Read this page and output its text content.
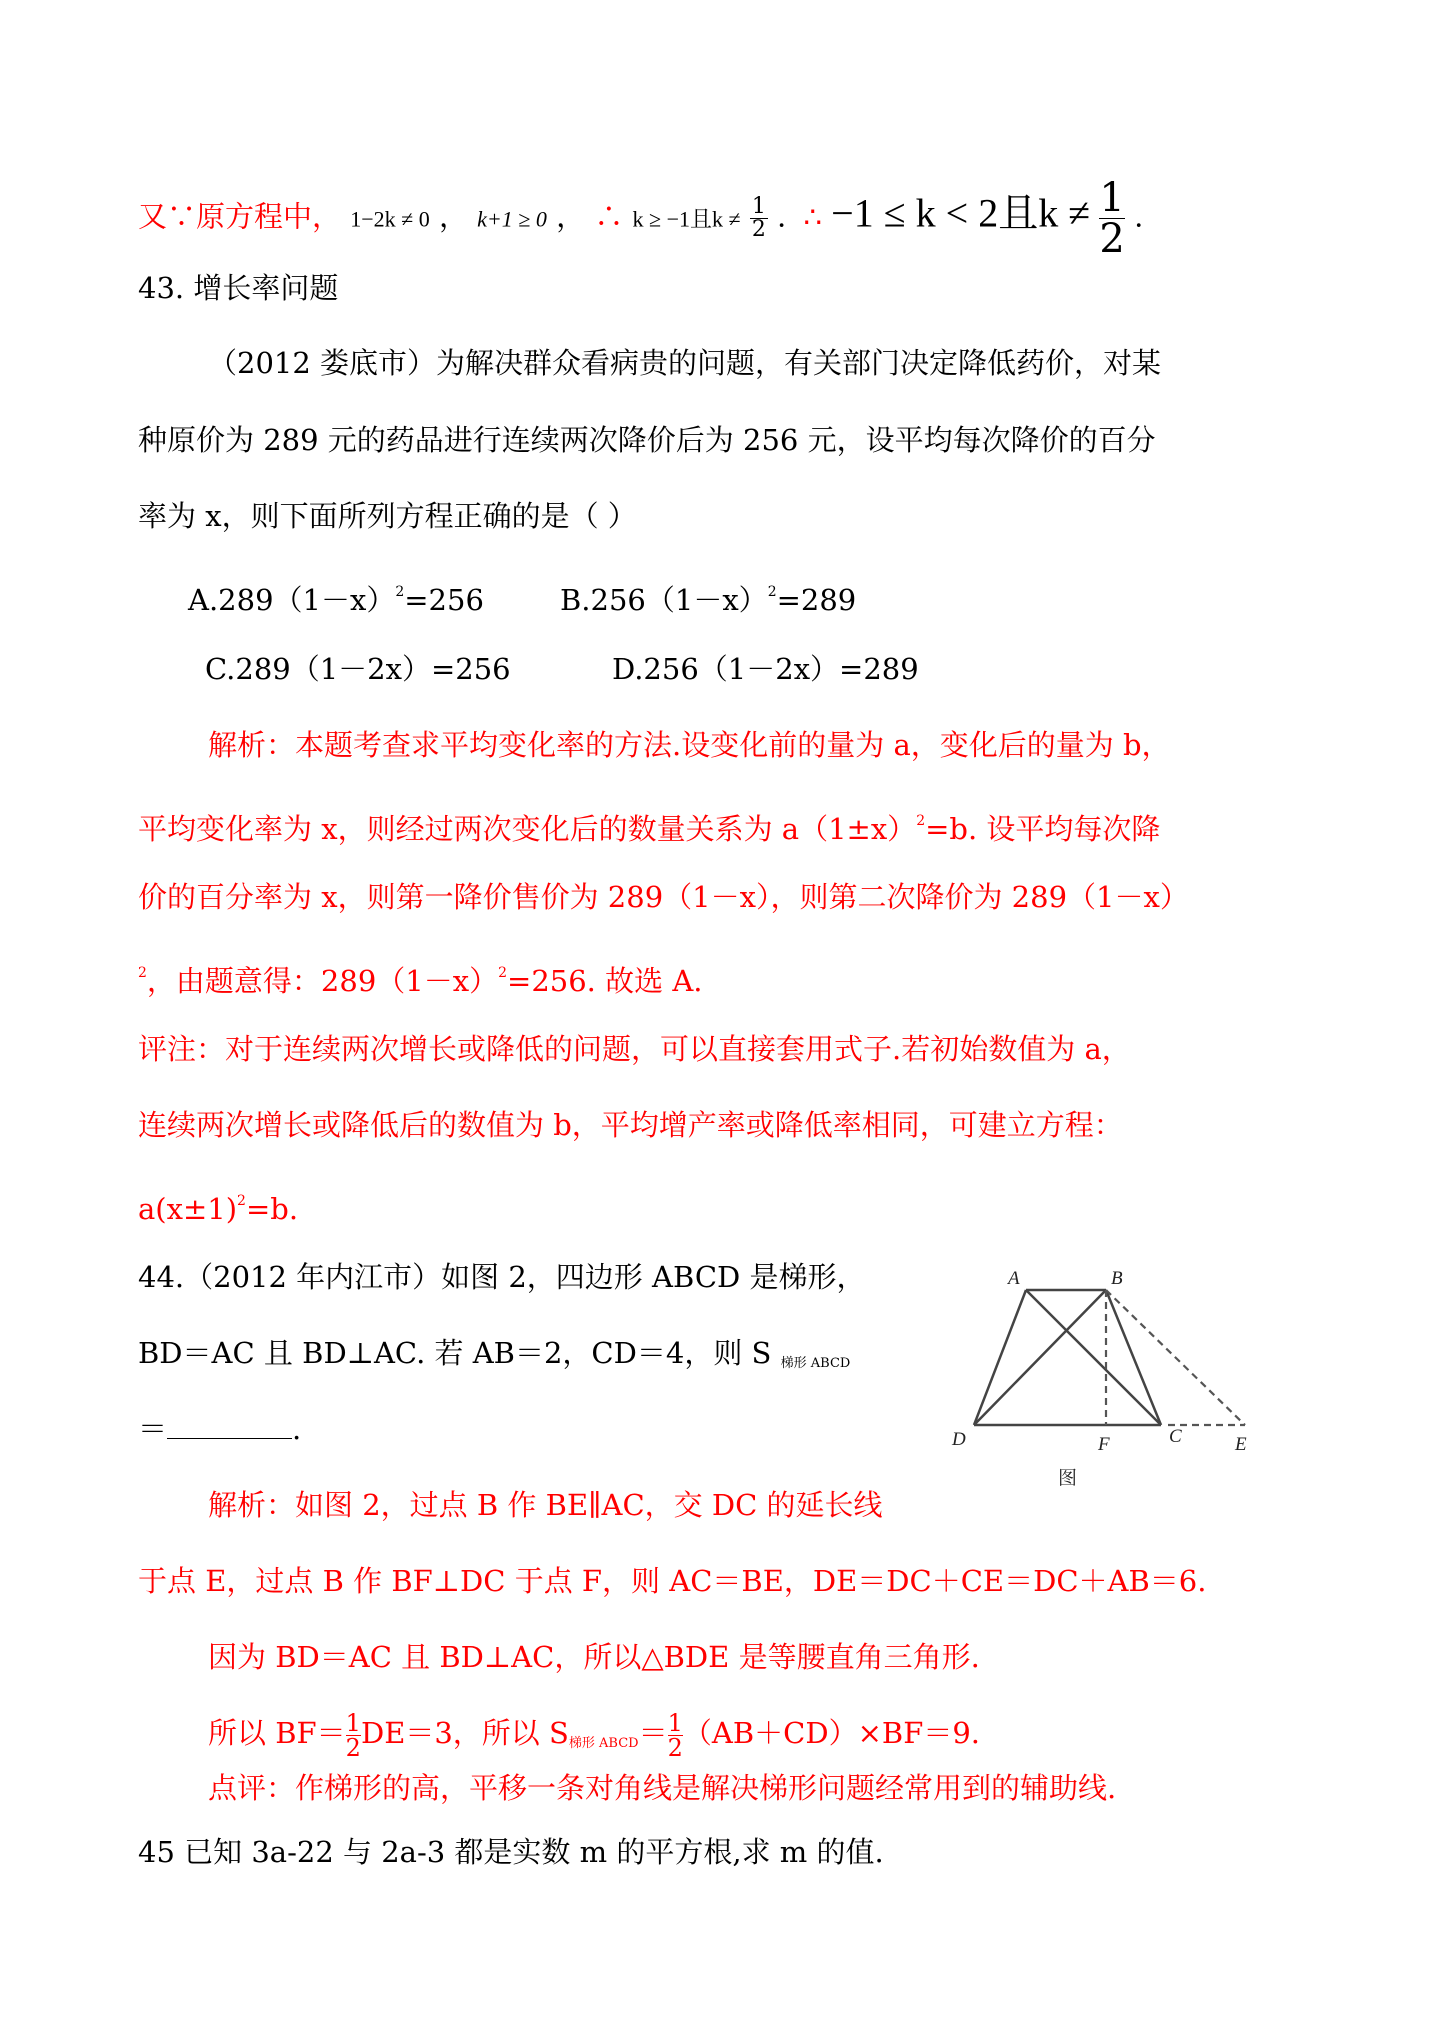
又∵原方程中， 1−2k ≠ 0 ， k+1 ≥ 0 ， ∴ k ≥ −1且$k \ne \frac{1}{2}$ . ∴ −1 ≤ k < 2且$k \ne \frac{1}{2}$ .
43. 增长率问题
（2012 娄底市）为解决群众看病贵的问题，有关部门决定降低药价，对某
种原价为 289 元的药品进行连续两次降价后为 256 元，设平均每次降价的百分
率为 x，则下面所列方程正确的是（ ）
$A.289(1-x)^2=256$	$B.256(1-x)^2=289$
C.289（1－2x）=256	D.256（1－2x）=289
解析：本题考查求平均变化率的方法.设变化前的量为 a，变化后的量为 b，
平均变化率为 x，则经过两次变化后的数量关系为 $a(1\pm x)^2=b$. 设平均每次降
价的百分率为 x，则第一降价售价为 289（1－x），则第二次降价为 289（1－x）
$^2$，由题意得：$289(1-x)^2=256$. 故选 A.
评注：对于连续两次增长或降低的问题，可以直接套用式子.若初始数值为 a，
连续两次增长或降低后的数值为 b，平均增产率或降低率相同，可建立方程：
$a(x\pm 1)^2=b$.
44.（2012 年内江市）如图 2，四边形 ABCD 是梯形，
BD＝AC 且 BD⊥AC. 若 AB＝2，CD＝4，则 S $_{梯形 ABCD}$
＝	.
A	B
D	F	C	E
图
解析：如图 2，过点 B 作 BE∥AC，交 DC 的延长线
于点 E，过点 B 作 BF⊥DC 于点 F，则 AC＝BE，DE＝DC＋CE＝DC＋AB＝6.
因为 BD＝AC 且 BD⊥AC，所以△BDE 是等腰直角三角形.
所以 $BF= \frac{1}{2} DE=3$，所以 $S_{梯形 ABCD}= \frac{1}{2} (AB+CD)\times BF=9$.
点评：作梯形的高，平移一条对角线是解决梯形问题经常用到的辅助线.
45 已知 3a-22 与 2a-3 都是实数 m 的平方根,求 m 的值.
